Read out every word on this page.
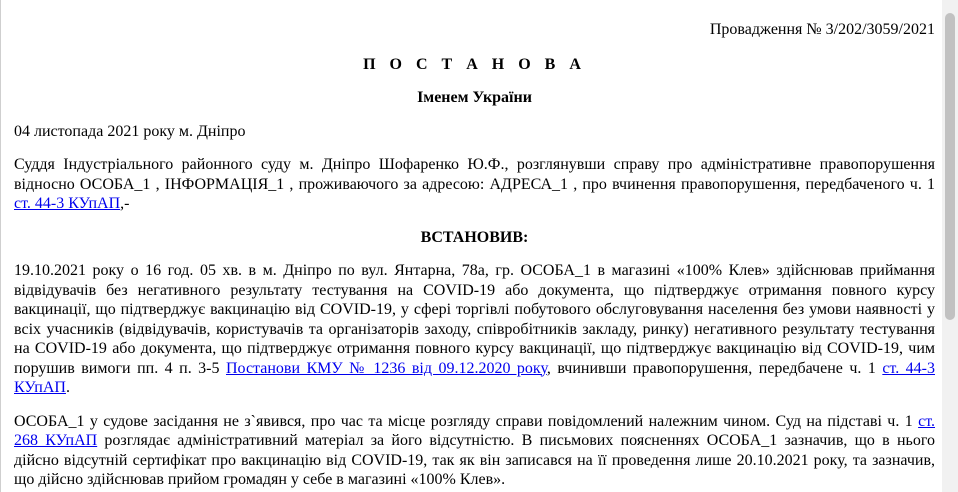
Провадження № 3/202/3059/2021
П О С Т А Н О В А
Іменем України
04 листопада 2021 року м. Дніпро

Суддя Індустріального районного суду м. Дніпро Шофаренко Ю.Ф., розглянувши справу про адміністративне правопорушення відносно ОСОБА_1 , ІНФОРМАЦІЯ_1 , проживаючого за адресою: АДРЕСА_1 , про вчинення правопорушення, передбаченого ч. 1 ст. 44-3 КУпАП,-

ВСТАНОВИВ:

19.10.2021 року о 16 год. 05 хв. в м. Дніпро по вул. Янтарна, 78а, гр. ОСОБА_1 в магазині «100% Клев» здійснював приймання відвідувачів без негативного результату тестування на COVID-19 або документа, що підтверджує отримання повного курсу вакцинації, що підтверджує вакцинацію від COVID-19, у сфері торгівлі побутового обслуговування населення без умови наявності у всіх учасників (відвідувачів, користувачів та організаторів заходу, співробітників закладу, ринку) негативного результату тестування на COVID-19 або документа, що підтверджує отримання повного курсу вакцинації, що підтверджує вакцинацію від COVID-19, чим порушив вимоги пп. 4 п. 3-5 Постанови КМУ № 1236 від 09.12.2020 року, вчинивши правопорушення, передбачене ч. 1 ст. 44-3 КУпАП.

ОСОБА_1 у судове засідання не з`явився, про час та місце розгляду справи повідомлений належним чином. Суд на підставі ч. 1 ст. 268 КУпАП розглядає адміністративний матеріал за його відсутністю. В письмових поясненнях ОСОБА_1 зазначив, що в нього дійсно відсутній сертифікат про вакцинацію від COVID-19, так як він записався на її проведення лише 20.10.2021 року, та зазначив, що дійсно здійснював прийом громадян у себе в магазині «100% Клев».
